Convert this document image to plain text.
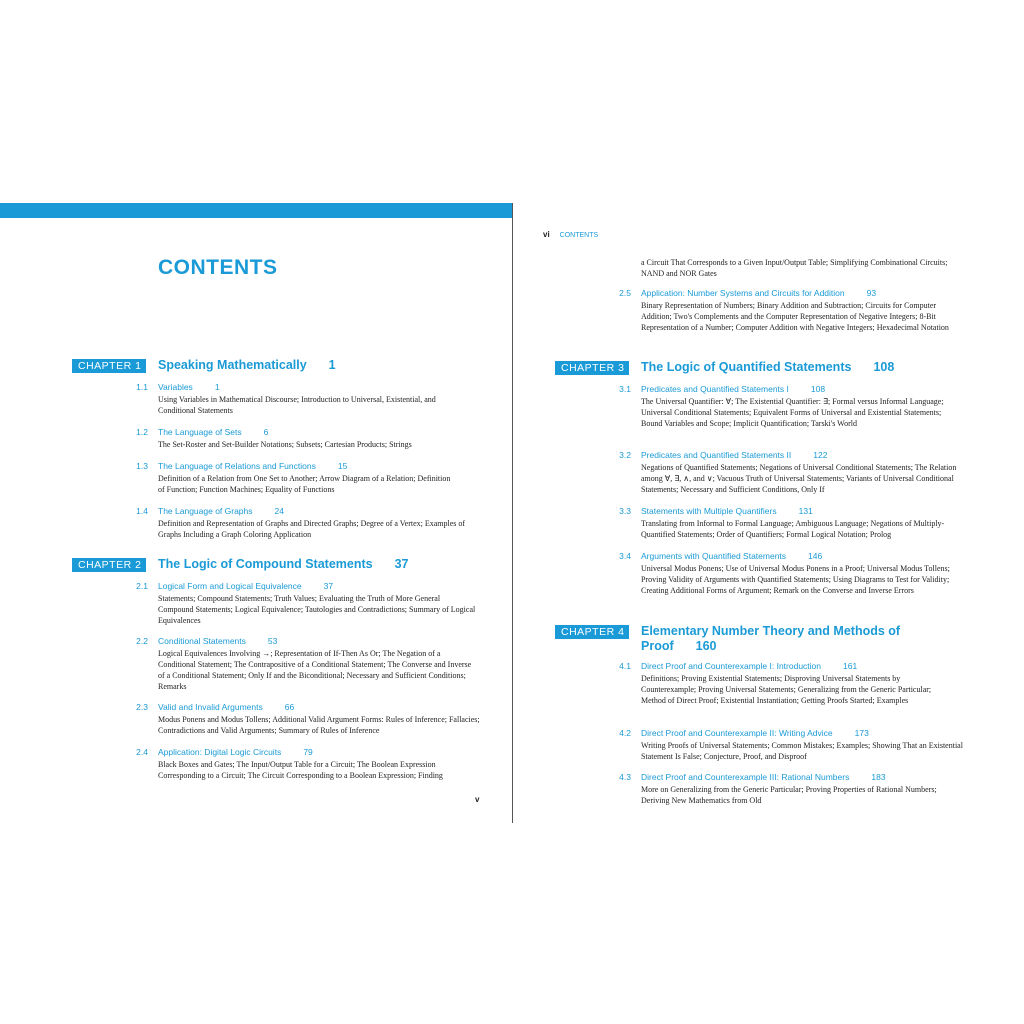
CONTENTS
CHAPTER 1	Speaking Mathematically 1
1.1 Variables	1
Using Variables in Mathematical Discourse; Introduction to Universal, Existential, and Conditional Statements
1.2 The Language of Sets	6
The Set-Roster and Set-Builder Notations; Subsets; Cartesian Products; Strings
1.3 The Language of Relations and Functions	15
Definition of a Relation from One Set to Another; Arrow Diagram of a Relation; Definition of Function; Function Machines; Equality of Functions
1.4 The Language of Graphs	24
Definition and Representation of Graphs and Directed Graphs; Degree of a Vertex; Examples of Graphs Including a Graph Coloring Application
CHAPTER 2	The Logic of Compound Statements 37
2.1 Logical Form and Logical Equivalence	37
Statements; Compound Statements; Truth Values; Evaluating the Truth of More General Compound Statements; Logical Equivalence; Tautologies and Contradictions; Summary of Logical Equivalences
2.2 Conditional Statements	53
Logical Equivalences Involving →; Representation of If-Then As Or; The Negation of a Conditional Statement; The Contrapositive of a Conditional Statement; The Converse and Inverse of a Conditional Statement; Only If and the Biconditional; Necessary and Sufficient Conditions; Remarks
2.3 Valid and Invalid Arguments	66
Modus Ponens and Modus Tollens; Additional Valid Argument Forms: Rules of Inference; Fallacies; Contradictions and Valid Arguments; Summary of Rules of Inference
2.4 Application: Digital Logic Circuits	79
Black Boxes and Gates; The Input/Output Table for a Circuit; The Boolean Expression Corresponding to a Circuit; The Circuit Corresponding to a Boolean Expression; Finding
v
vi CONTENTS
a Circuit That Corresponds to a Given Input/Output Table; Simplifying Combinational Circuits; NAND and NOR Gates
2.5 Application: Number Systems and Circuits for Addition	93
Binary Representation of Numbers; Binary Addition and Subtraction; Circuits for Computer Addition; Two's Complements and the Computer Representation of Negative Integers; 8-Bit Representation of a Number; Computer Addition with Negative Integers; Hexadecimal Notation
CHAPTER 3	The Logic of Quantified Statements 108
3.1 Predicates and Quantified Statements I	108
The Universal Quantifier: ∀; The Existential Quantifier: ∃; Formal versus Informal Language; Universal Conditional Statements; Equivalent Forms of Universal and Existential Statements; Bound Variables and Scope; Implicit Quantification; Tarski's World
3.2 Predicates and Quantified Statements II	122
Negations of Quantified Statements; Negations of Universal Conditional Statements; The Relation among ∀, ∃, ∧, and ∨; Vacuous Truth of Universal Statements; Variants of Universal Conditional Statements; Necessary and Sufficient Conditions, Only If
3.3 Statements with Multiple Quantifiers	131
Translating from Informal to Formal Language; Ambiguous Language; Negations of Multiply-Quantified Statements; Order of Quantifiers; Formal Logical Notation; Prolog
3.4 Arguments with Quantified Statements	146
Universal Modus Ponens; Use of Universal Modus Ponens in a Proof; Universal Modus Tollens; Proving Validity of Arguments with Quantified Statements; Using Diagrams to Test for Validity; Creating Additional Forms of Argument; Remark on the Converse and Inverse Errors
CHAPTER 4	Elementary Number Theory and Methods of Proof 160
4.1 Direct Proof and Counterexample I: Introduction	161
Definitions; Proving Existential Statements; Disproving Universal Statements by Counterexample; Proving Universal Statements; Generalizing from the Generic Particular; Method of Direct Proof; Existential Instantiation; Getting Proofs Started; Examples
4.2 Direct Proof and Counterexample II: Writing Advice	173
Writing Proofs of Universal Statements; Common Mistakes; Examples; Showing That an Existential Statement Is False; Conjecture, Proof, and Disproof
4.3 Direct Proof and Counterexample III: Rational Numbers	183
More on Generalizing from the Generic Particular; Proving Properties of Rational Numbers; Deriving New Mathematics from Old
